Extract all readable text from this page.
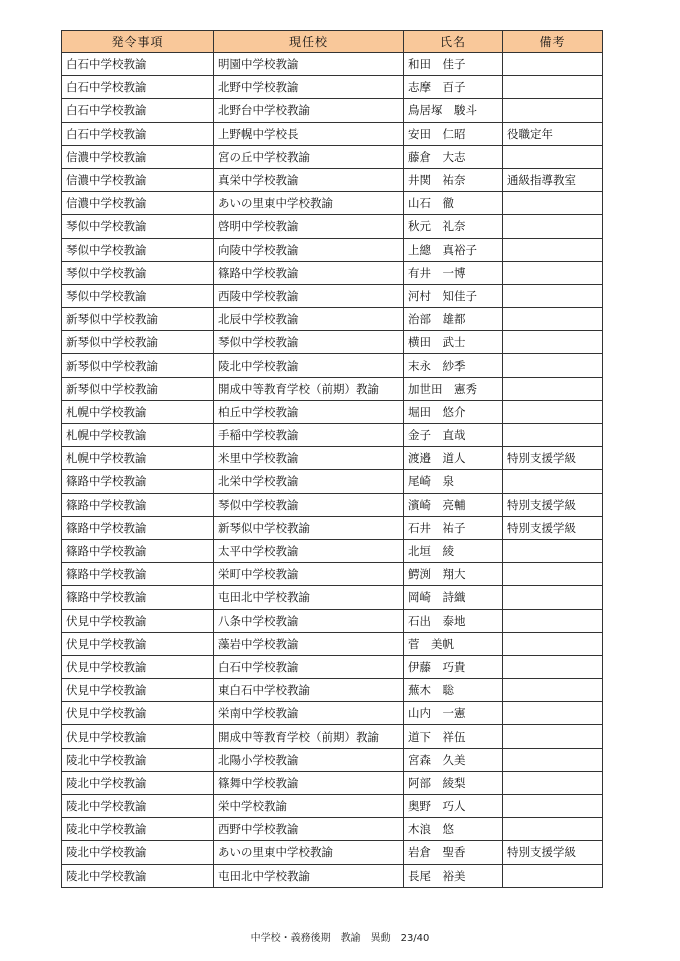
発令事項	現任校	氏名	備考
白石中学校教諭	明園中学校教諭	和田　佳子	
白石中学校教諭	北野中学校教諭	志摩　百子	
白石中学校教諭	北野台中学校教諭	鳥居塚　駿斗	
白石中学校教諭	上野幌中学校長	安田　仁昭	役職定年
信濃中学校教諭	宮の丘中学校教諭	藤倉　大志	
信濃中学校教諭	真栄中学校教諭	井関　祐奈	通級指導教室
信濃中学校教諭	あいの里東中学校教諭	山石　徹	
琴似中学校教諭	啓明中学校教諭	秋元　礼奈	
琴似中学校教諭	向陵中学校教諭	上總　真裕子	
琴似中学校教諭	篠路中学校教諭	有井　一博	
琴似中学校教諭	西陵中学校教諭	河村　知佳子	
新琴似中学校教諭	北辰中学校教諭	治部　雄都	
新琴似中学校教諭	琴似中学校教諭	横田　武士	
新琴似中学校教諭	陵北中学校教諭	末永　紗季	
新琴似中学校教諭	開成中等教育学校（前期）教諭	加世田　憲秀	
札幌中学校教諭	柏丘中学校教諭	堀田　悠介	
札幌中学校教諭	手稲中学校教諭	金子　直哉	
札幌中学校教諭	米里中学校教諭	渡邉　道人	特別支援学級
篠路中学校教諭	北栄中学校教諭	尾崎　泉	
篠路中学校教諭	琴似中学校教諭	濱崎　亮輔	特別支援学級
篠路中学校教諭	新琴似中学校教諭	石井　祐子	特別支援学級
篠路中学校教諭	太平中学校教諭	北垣　綾	
篠路中学校教諭	栄町中学校教諭	鰐渕　翔大	
篠路中学校教諭	屯田北中学校教諭	岡崎　詩織	
伏見中学校教諭	八条中学校教諭	石出　泰地	
伏見中学校教諭	藻岩中学校教諭	菅　美帆	
伏見中学校教諭	白石中学校教諭	伊藤　巧貴	
伏見中学校教諭	東白石中学校教諭	蕪木　聡	
伏見中学校教諭	栄南中学校教諭	山内　一憲	
伏見中学校教諭	開成中等教育学校（前期）教諭	道下　祥伍	
陵北中学校教諭	北陽小学校教諭	宮森　久美	
陵北中学校教諭	篠舞中学校教諭	阿部　綾梨	
陵北中学校教諭	栄中学校教諭	奥野　巧人	
陵北中学校教諭	西野中学校教諭	木浪　悠	
陵北中学校教諭	あいの里東中学校教諭	岩倉　聖香	特別支援学級
陵北中学校教諭	屯田北中学校教諭	長尾　裕美	
中学校・義務後期　教諭　異動　23/40
